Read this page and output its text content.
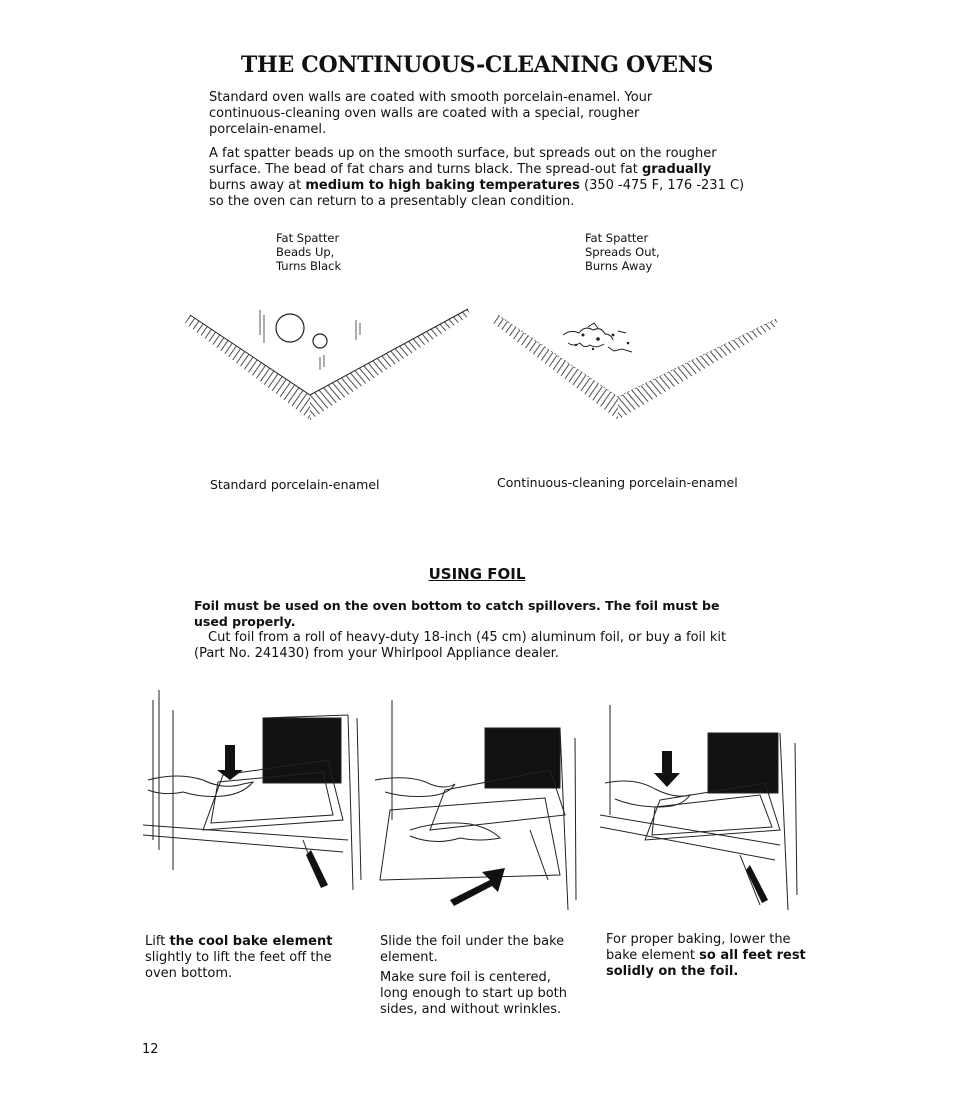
THE CONTINUOUS-CLEANING OVENS
Standard oven walls are coated with smooth porcelain-enamel. Your continuous-cleaning oven walls are coated with a special, rougher porcelain-enamel.
A fat spatter beads up on the smooth surface, but spreads out on the rougher surface. The bead of fat chars and turns black. The spread-out fat gradually burns away at medium to high baking temperatures (350 -475 F, 176 -231 C) so the oven can return to a presentably clean condition.
Fat Spatter
Beads Up,
Turns Black
Fat Spatter
Spreads Out,
Burns Away
Standard porcelain-enamel	Continuous-cleaning porcelain-enamel
USING FOIL
Foil must be used on the oven bottom to catch spillovers. The foil must be used properly.
Cut foil from a roll of heavy-duty 18-inch (45 cm) aluminum foil, or buy a foil kit (Part No. 241430) from your Whirlpool Appliance dealer.
Lift the cool bake element slightly to lift the feet off the oven bottom.
Slide the foil under the bake element.
Make sure foil is centered, long enough to start up both sides, and without wrinkles.
For proper baking, lower the bake element so all feet rest solidly on the foil.
12
